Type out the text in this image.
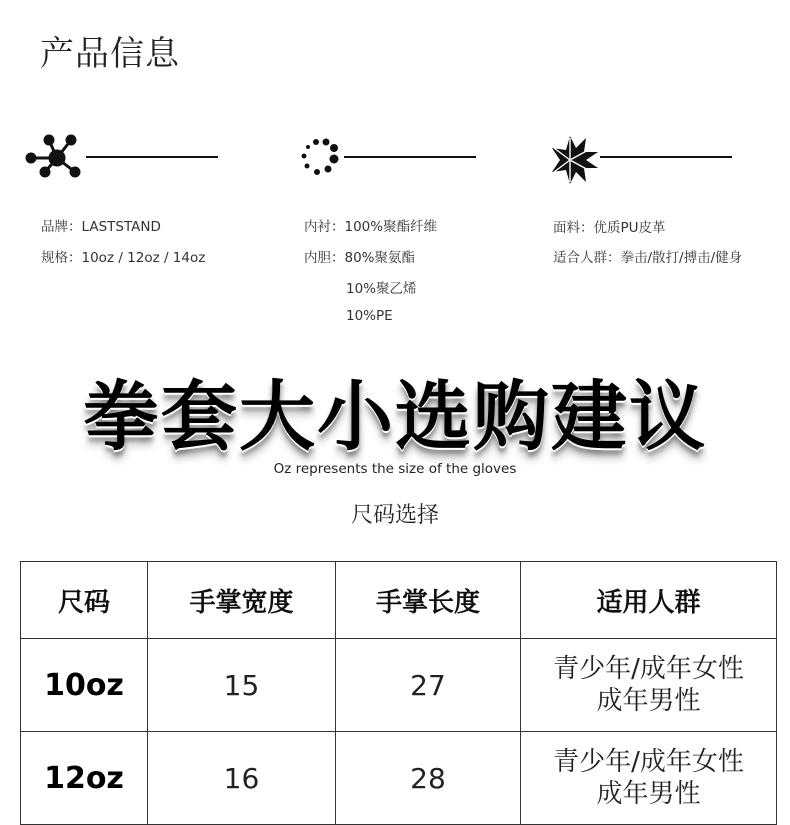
产品信息
品牌：LASTSTAND
规格：10oz / 12oz / 14oz
内衬：100%聚酯纤维
内胆：80%聚氨酯
10%聚乙烯
10%PE
面料：优质PU皮革
适合人群：拳击/散打/搏击/健身
拳套大小选购建议
Oz represents the size of the gloves
尺码选择
尺码	手掌宽度	手掌长度	适用人群
10oz	15	27	青少年/成年女性
成年男性

12oz	16	28	青少年/成年女性
成年男性
